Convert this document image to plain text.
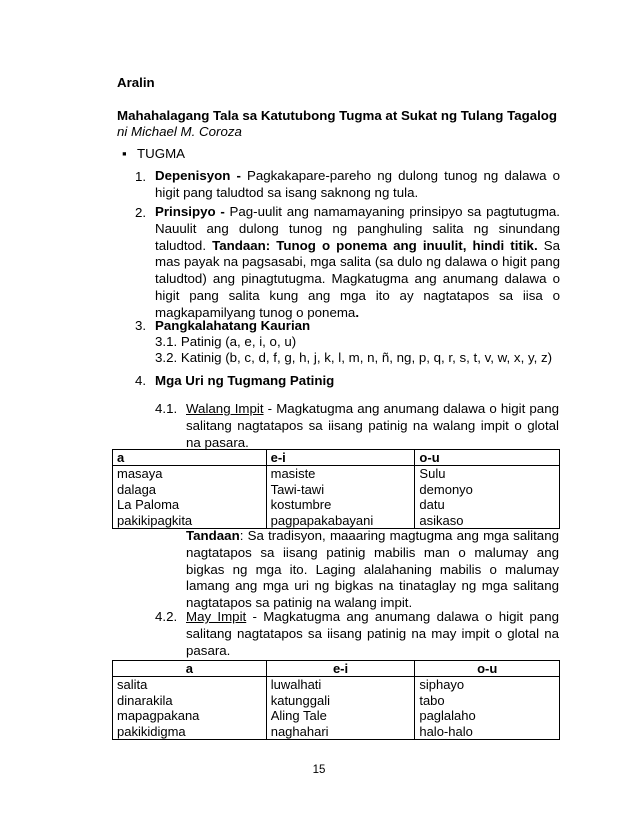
Aralin
Mahahalagang Tala sa Katutubong Tugma at Sukat ng Tulang Tagalog
ni Michael M. Coroza
▪ TUGMA
1. Depenisyon - Pagkakapare-pareho ng dulong tunog ng dalawa o higit pang taludtod sa isang saknong ng tula.
2. Prinsipyo - Pag-uulit ang namamayaning prinsipyo sa pagtutugma. Nauulit ang dulong tunog ng panghuling salita ng sinundang taludtod. Tandaan: Tunog o ponema ang inuulit, hindi titik. Sa mas payak na pagsasabi, mga salita (sa dulo ng dalawa o higit pang taludtod) ang pinagtutugma. Magkatugma ang anumang dalawa o higit pang salita kung ang mga ito ay nagtatapos sa iisa o magkapamilyang tunog o ponema.
3. Pangkalahatang Kaurian
3.1. Patinig (a, e, i, o, u)
3.2. Katinig (b, c, d, f, g, h, j, k, l, m, n, ñ, ng, p, q, r, s, t, v, w, x, y, z)
4. Mga Uri ng Tugmang Patinig
4.1. Walang Impit - Magkatugma ang anumang dalawa o higit pang salitang nagtatapos sa iisang patinig na walang impit o glotal na pasara.
a	e-i	o-u
masaya	masiste	Sulu
dalaga	Tawi-tawi	demonyo
La Paloma	kostumbre	datu
pakikipagkita	pagpapakabayani	asikaso
Tandaan: Sa tradisyon, maaaring magtugma ang mga salitang nagtatapos sa iisang patinig mabilis man o malumay ang bigkas ng mga ito. Laging alalahaning mabilis o malumay lamang ang mga uri ng bigkas na tinataglay ng mga salitang nagtatapos sa patinig na walang impit.
4.2. May Impit - Magkatugma ang anumang dalawa o higit pang salitang nagtatapos sa iisang patinig na may impit o glotal na pasara.
a	e-i	o-u
salita	luwalhati	siphayo
dinarakila	katunggali	tabo
mapagpakana	Aling Tale	paglalaho
pakikidigma	naghahari	halo-halo
15
